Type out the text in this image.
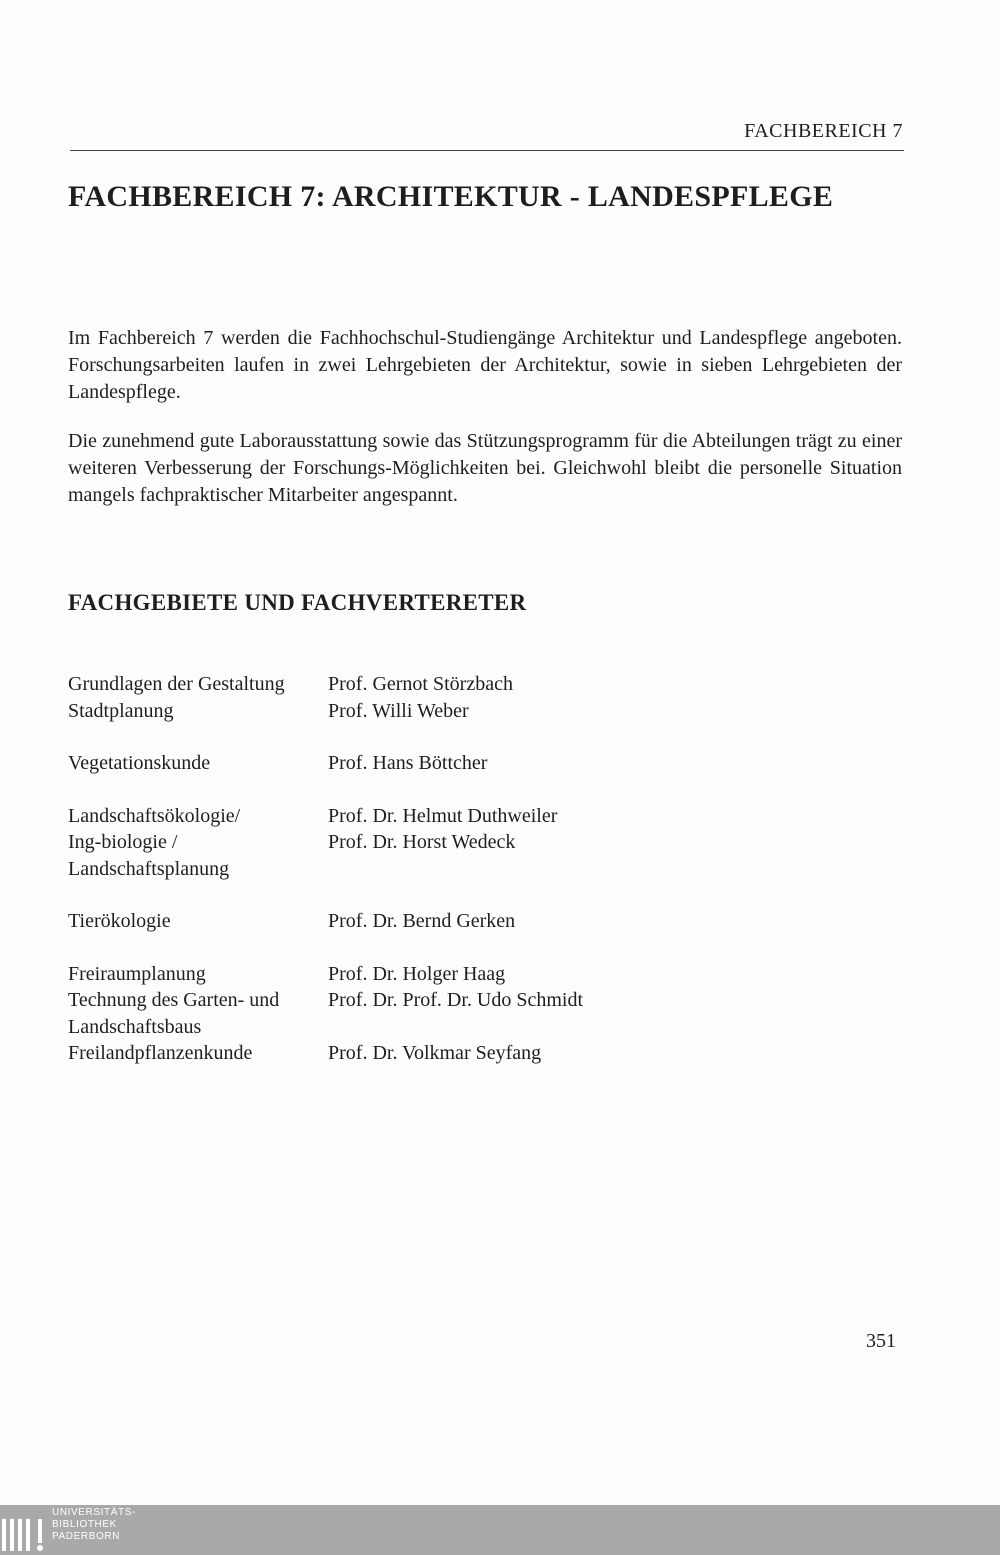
FACHBEREICH 7
FACHBEREICH 7: ARCHITEKTUR - LANDESPFLEGE

Im Fachbereich 7 werden die Fachhochschul-Studiengänge Architektur und Landespflege angeboten. Forschungsarbeiten laufen in zwei Lehrgebieten der Architektur, sowie in sieben Lehrgebieten der Landespflege.

Die zunehmend gute Laborausstattung sowie das Stützungsprogramm für die Abteilungen trägt zu einer weiteren Verbesserung der Forschungs-Möglichkeiten bei. Gleichwohl bleibt die personelle Situation mangels fachpraktischer Mitarbeiter angespannt.

FACHGEBIETE UND FACHVERTERETER
Grundlagen der Gestaltung	Prof. Gernot Störzbach
Stadtplanung	Prof. Willi Weber
Vegetationskunde	Prof. Hans Böttcher
Landschaftsökologie/	Prof. Dr. Helmut Duthweiler
Ing-biologie /	Prof. Dr. Horst Wedeck
Landschaftsplanung
Tierökologie	Prof. Dr. Bernd Gerken
Freiraumplanung	Prof. Dr. Holger Haag
Technung des Garten- und	Prof. Dr. Prof. Dr. Udo Schmidt
Landschaftsbaus
Freilandpflanzenkunde	Prof. Dr. Volkmar Seyfang
351
UNIVERSITÄTS-
BIBLIOTHEK
PADERBORN
